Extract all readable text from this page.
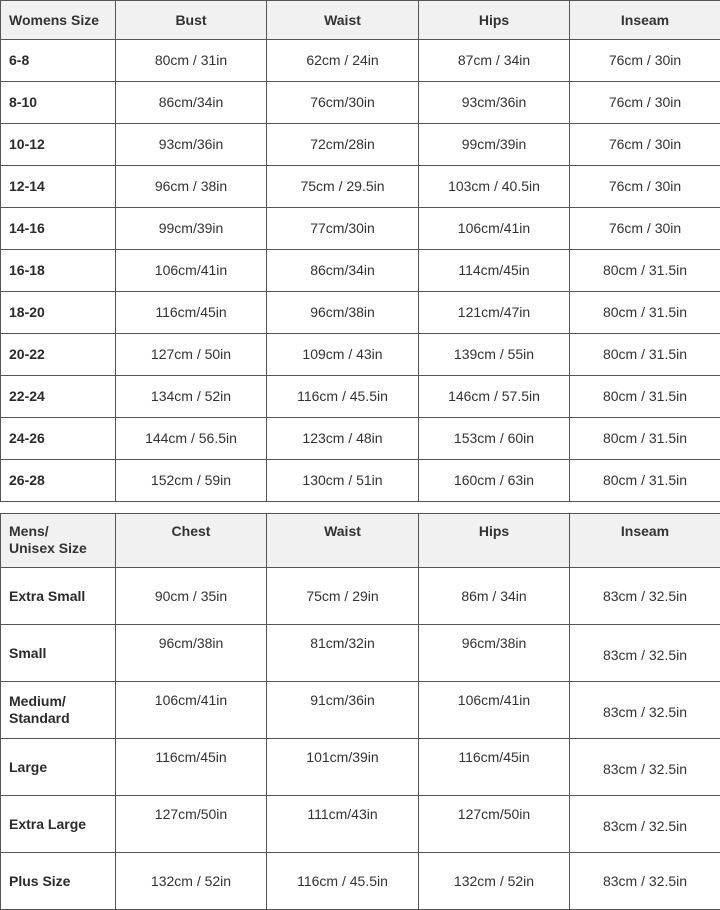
Womens Size	Bust	Waist	Hips	Inseam
6-8	80cm / 31in	62cm / 24in	87cm / 34in	76cm / 30in
8-10	86cm/34in	76cm/30in	93cm/36in	76cm / 30in
10-12	93cm/36in	72cm/28in	99cm/39in	76cm / 30in
12-14	96cm / 38in	75cm / 29.5in	103cm / 40.5in	76cm / 30in
14-16	99cm/39in	77cm/30in	106cm/41in	76cm / 30in
16-18	106cm/41in	86cm/34in	114cm/45in	80cm / 31.5in
18-20	116cm/45in	96cm/38in	121cm/47in	80cm / 31.5in
20-22	127cm / 50in	109cm / 43in	139cm / 55in	80cm / 31.5in
22-24	134cm / 52in	116cm / 45.5in	146cm / 57.5in	80cm / 31.5in
24-26	144cm / 56.5in	123cm / 48in	153cm / 60in	80cm / 31.5in
26-28	152cm / 59in	130cm / 51in	160cm / 63in	80cm / 31.5in
Mens/
Unisex Size	Chest	Waist	Hips	Inseam
Extra Small	90cm / 35in	75cm / 29in	86m / 34in	83cm / 32.5in
Small	96cm/38in	81cm/32in	96cm/38in	83cm / 32.5in
Medium/
Standard	106cm/41in	91cm/36in	106cm/41in	83cm / 32.5in
Large	116cm/45in	101cm/39in	116cm/45in	83cm / 32.5in
Extra Large	127cm/50in	111cm/43in	127cm/50in	83cm / 32.5in
Plus Size	132cm / 52in	116cm / 45.5in	132cm / 52in	83cm / 32.5in
